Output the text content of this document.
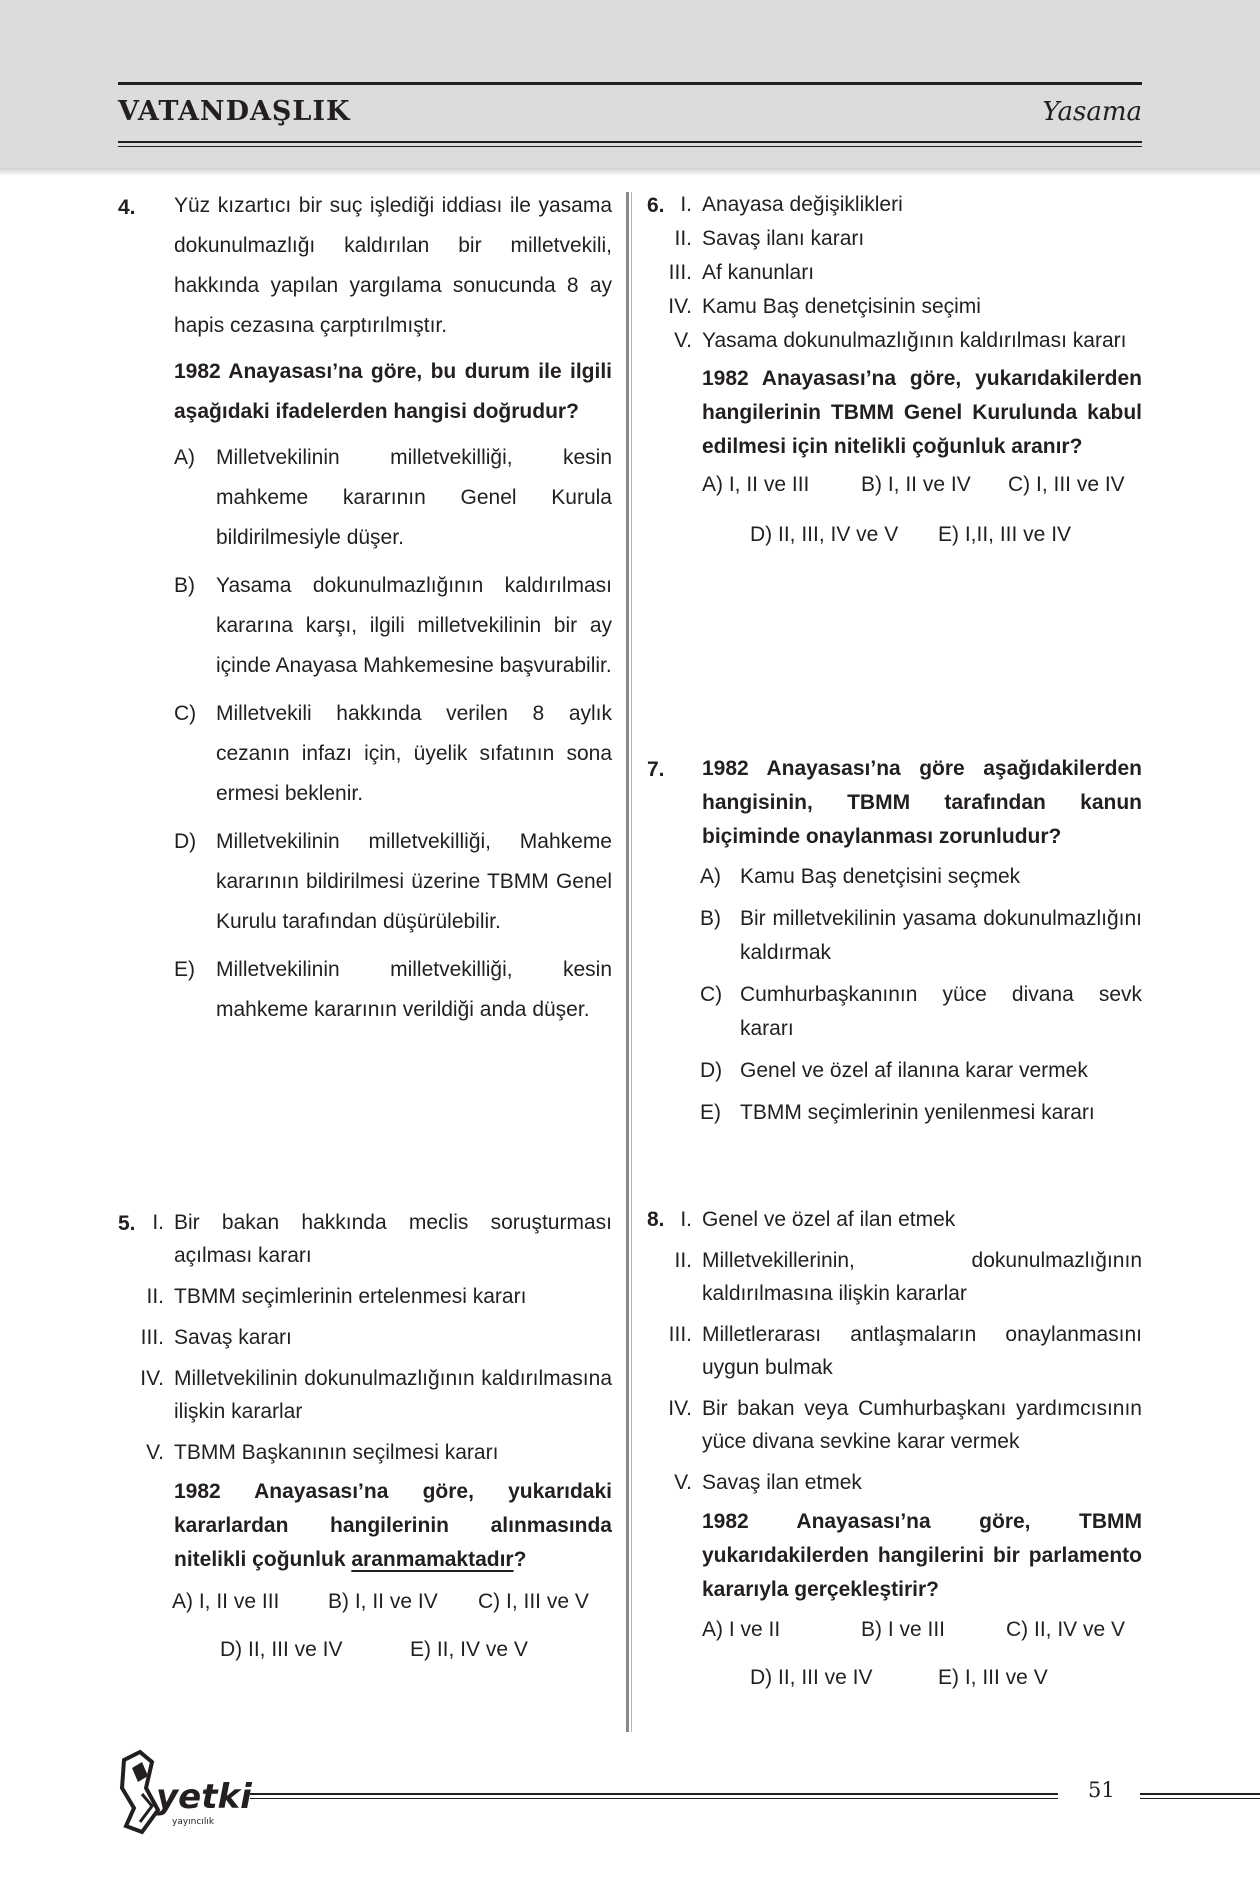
VATANDAŞLIK	Yasama
4. Yüz kızartıcı bir suç işlediği iddiası ile yasama dokunulmazlığı kaldırılan bir milletvekili, hakkında yapılan yargılama sonucunda 8 ay hapis cezasına çarptırılmıştır.

1982 Anayasası’na göre, bu durum ile ilgili aşağıdaki ifadelerden hangisi doğrudur?

A) Milletvekilinin milletvekilliği, kesin mahkeme kararının Genel Kurula bildirilmesiyle düşer.
B) Yasama dokunulmazlığının kaldırılması kararına karşı, ilgili milletvekilinin bir ay içinde Anayasa Mahkemesine başvurabilir.
C) Milletvekili hakkında verilen 8 aylık cezanın infazı için, üyelik sıfatının sona ermesi beklenir.
D) Milletvekilinin milletvekilliği, Mahkeme kararının bildirilmesi üzerine TBMM Genel Kurulu tarafından düşürülebilir.
E) Milletvekilinin milletvekilliği, kesin mahkeme kararının verildiği anda düşer.
5. I. Bir bakan hakkında meclis soruşturması açılması kararı
II. TBMM seçimlerinin ertelenmesi kararı
III. Savaş kararı
IV. Milletvekilinin dokunulmazlığının kaldırılmasına ilişkin kararlar
V. TBMM Başkanının seçilmesi kararı

1982 Anayasası’na göre, yukarıdaki kararlardan hangilerinin alınmasında nitelikli çoğunluk aranmamaktadır?

A) I, II ve III B) I, II ve IV C) I, III ve V
D) II, III ve IV	E) II, IV ve V
6. I. Anayasa değişiklikleri
II. Savaş ilanı kararı
III. Af kanunları
IV. Kamu Baş denetçisinin seçimi
V. Yasama dokunulmazlığının kaldırılması kararı

1982 Anayasası’na göre, yukarıdakilerden hangilerinin TBMM Genel Kurulunda kabul edilmesi için nitelikli çoğunluk aranır?

A) I, II ve III B) I, II ve IV C) I, III ve IV
D) II, III, IV ve V E) I,II, III ve IV
7. 1982 Anayasası’na göre aşağıdakilerden hangisinin, TBMM tarafından kanun biçiminde onaylanması zorunludur?

A) Kamu Baş denetçisini seçmek
B) Bir milletvekilinin yasama dokunulmazlığını kaldırmak
C) Cumhurbaşkanının yüce divana sevk kararı
D) Genel ve özel af ilanına karar vermek
E) TBMM seçimlerinin yenilenmesi kararı
8. I. Genel ve özel af ilan etmek
II. Milletvekillerinin, dokunulmazlığının kaldırılmasına ilişkin kararlar
III. Milletlerarası antlaşmaların onaylanmasını uygun bulmak
IV. Bir bakan veya Cumhurbaşkanı yardımcısının yüce divana sevkine karar vermek
V. Savaş ilan etmek

1982 Anayasası’na göre, TBMM yukarıdakilerden hangilerini bir parlamento kararıyla gerçekleştirir?

A) I ve II	B) I ve III	C) II, IV ve V
D) II, III ve IV	E) I, III ve V
51
yetki
yayıncılık
